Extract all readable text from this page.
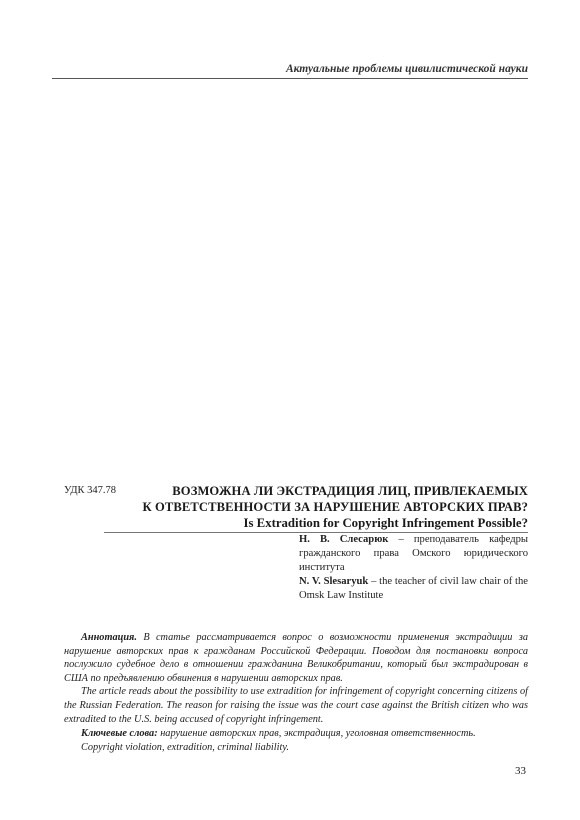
Актуальные проблемы цивилистической науки
УДК 347.78	ВОЗМОЖНА ЛИ ЭКСТРАДИЦИЯ ЛИЦ, ПРИВЛЕКАЕМЫХ
К ОТВЕТСТВЕННОСТИ ЗА НАРУШЕНИЕ АВТОРСКИХ ПРАВ?
Is Extradition for Copyright Infringement Possible?

Н. В. Слесарюк – преподаватель кафедры гражданского права Омского юридического института

N. V. Slesaryuk – the teacher of civil law chair of the Omsk Law Institute

Аннотация. В статье рассматривается вопрос о возможности применения экстрадиции за нарушение авторских прав к гражданам Российской Федерации. Поводом для постановки вопроса послужило судебное дело в отношении гражданина Великобритании, который был экстрадирован в США по предъявлению обвинения в нарушении авторских прав.

The article reads about the possibility to use extradition for infringement of copyright concerning citizens of the Russian Federation. The reason for raising the issue was the court case against the British citizen who was extradited to the U.S. being accused of copyright infringement.

Ключевые слова: нарушение авторских прав, экстрадиция, уголовная ответственность.

Copyright violation, extradition, criminal liability.

33
